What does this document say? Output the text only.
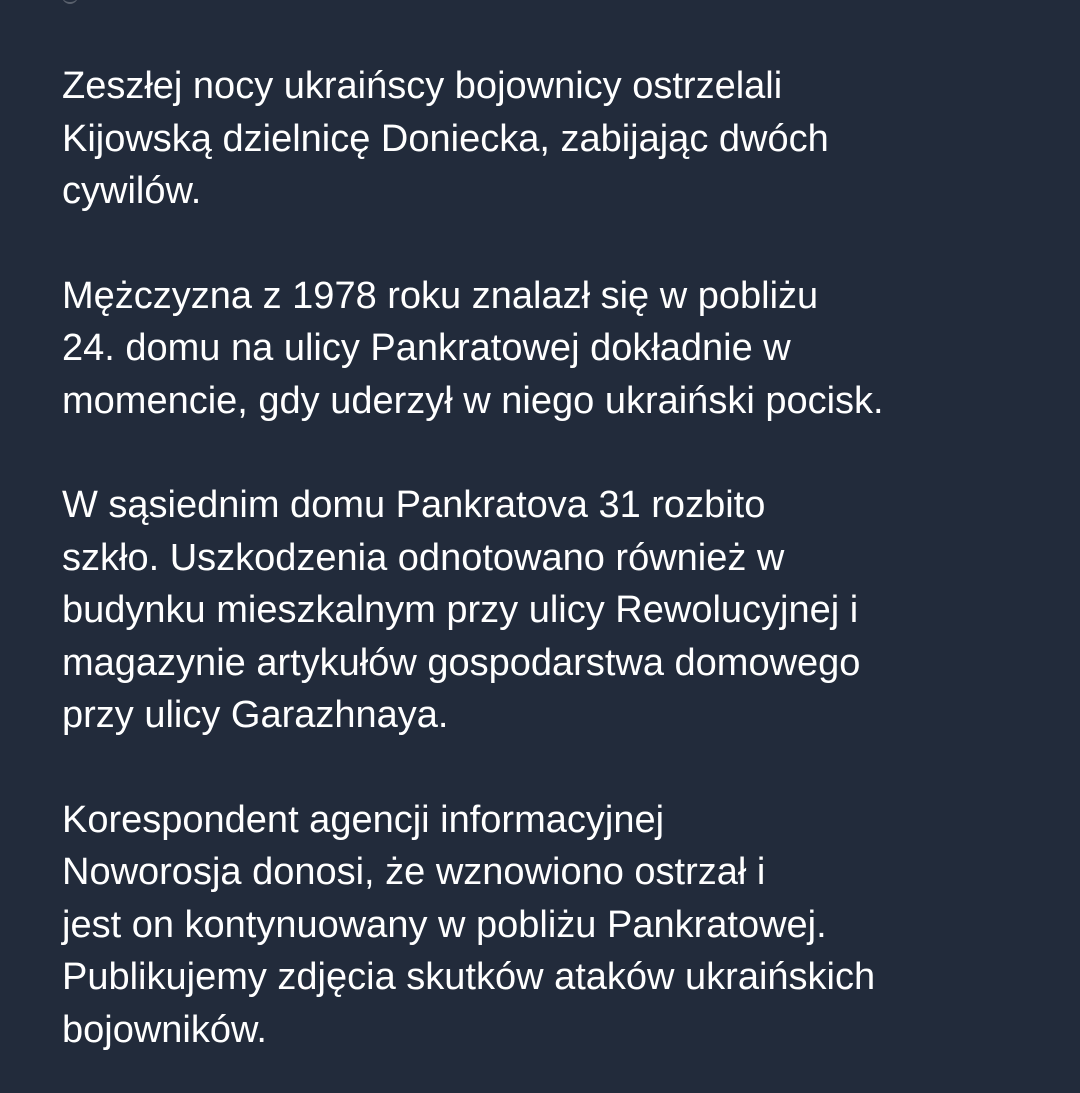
Zeszłej nocy ukraińscy bojownicy ostrzelali
Kijowską dzielnicę Doniecka, zabijając dwóch
cywilów.

Mężczyzna z 1978 roku znalazł się w pobliżu
24. domu na ulicy Pankratowej dokładnie w
momencie, gdy uderzył w niego ukraiński pocisk.

W sąsiednim domu Pankratova 31 rozbito
szkło. Uszkodzenia odnotowano również w
budynku mieszkalnym przy ulicy Rewolucyjnej i
magazynie artykułów gospodarstwa domowego
przy ulicy Garazhnaya.

Korespondent agencji informacyjnej
Noworosja donosi, że wznowiono ostrzał i
jest on kontynuowany w pobliżu Pankratowej.
Publikujemy zdjęcia skutków ataków ukraińskich
bojowników.
